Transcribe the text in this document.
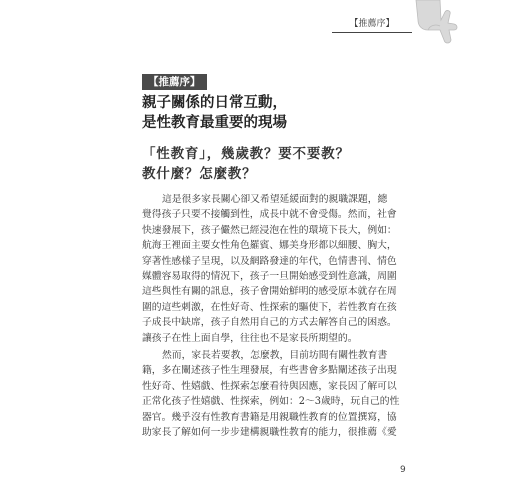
【推薦序】
【推薦序】
親子關係的日常互動，
是性教育最重要的現場
「性教育」，幾歲教？要不要教？
教什麼？怎麼教？

這是很多家長關心卻又希望延緩面對的親職課題，總
覺得孩子只要不接觸到性，成長中就不會受傷。然而，社會
快速發展下，孩子儼然已經浸泡在性的環境下長大，例如：
航海王裡面主要女性角色羅賓、娜美身形都以細腰、胸大，
穿著性感樣子呈現，以及網路發達的年代，色情書刊、情色
媒體容易取得的情況下，孩子一旦開始感受到性意識，周圍
這些與性有關的訊息，孩子會開始鮮明的感受原本就存在周
圍的這些刺激，在性好奇、性探索的驅使下，若性教育在孩
子成長中缺席，孩子自然用自己的方式去解答自己的困惑。
讓孩子在性上面自學，往往也不是家長所期望的。

然而，家長若要教，怎麼教，目前坊間有關性教育書
籍，多在闡述孩子性生理發展，有些書會多點闡述孩子出現
性好奇、性嬉戲、性探索怎麼看待與因應，家長因了解可以
正常化孩子性嬉戲、性探索，例如：2～3歲時，玩自己的性
器官。幾乎沒有性教育書籍是用親職性教育的位置撰寫，協
助家長了解如何一步步建構親職性教育的能力，很推薦《愛

9
